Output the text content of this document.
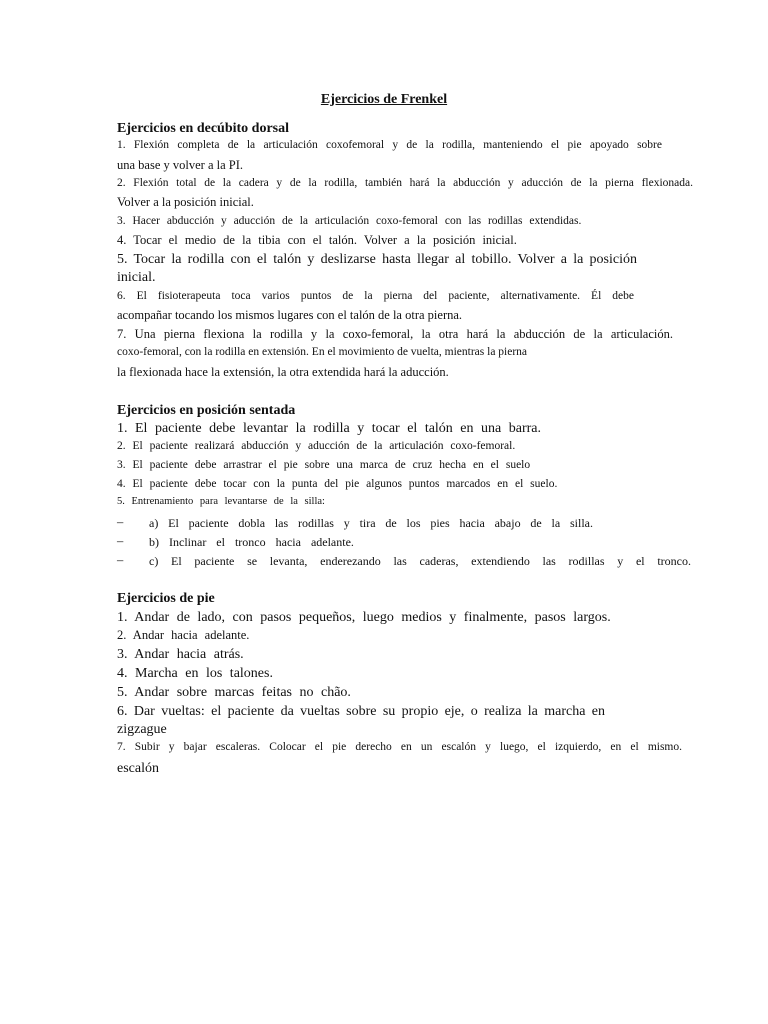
Ejercicios de Frenkel
Ejercicios en decúbito dorsal
1. Flexión completa de la articulación coxofemoral y de la rodilla, manteniendo el pie apoyado sobre
una base y volver a la PI.
2. Flexión total de la cadera y de la rodilla, también hará la abducción y aducción de la pierna flexionada.
Volver a la posición inicial.
3. Hacer abducción y aducción de la articulación coxo-femoral con las rodillas extendidas.
4. Tocar el medio de la tibia con el talón. Volver a la posición inicial.
5. Tocar la rodilla con el talón y deslizarse hasta llegar al tobillo. Volver a la posición
inicial.
6. El fisioterapeuta toca varios puntos de la pierna del paciente, alternativamente. Él debe
acompañar tocando los mismos lugares con el talón de la otra pierna.
7. Una pierna flexiona la rodilla y la coxo-femoral, la otra hará la abducción de la articulación.
coxo-femoral, con la rodilla en extensión. En el movimiento de vuelta, mientras la pierna
la flexionada hace la extensión, la otra extendida hará la aducción.
Ejercicios en posición sentada
1. El paciente debe levantar la rodilla y tocar el talón en una barra.
2. El paciente realizará abducción y aducción de la articulación coxo-femoral.
3. El paciente debe arrastrar el pie sobre una marca de cruz hecha en el suelo
4. El paciente debe tocar con la punta del pie algunos puntos marcados en el suelo.
5. Entrenamiento para levantarse de la silla:
– a) El paciente dobla las rodillas y tira de los pies hacia abajo de la silla.
– b) Inclinar el tronco hacia adelante.
– c) El paciente se levanta, enderezando las caderas, extendiendo las rodillas y el tronco.
Ejercicios de pie
1. Andar de lado, con pasos pequeños, luego medios y finalmente, pasos largos.
2. Andar hacia adelante.
3. Andar hacia atrás.
4. Marcha en los talones.
5. Andar sobre marcas feitas no chão.
6. Dar vueltas: el paciente da vueltas sobre su propio eje, o realiza la marcha en
zigzague
7. Subir y bajar escaleras. Colocar el pie derecho en un escalón y luego, el izquierdo, en el mismo.
escalón
